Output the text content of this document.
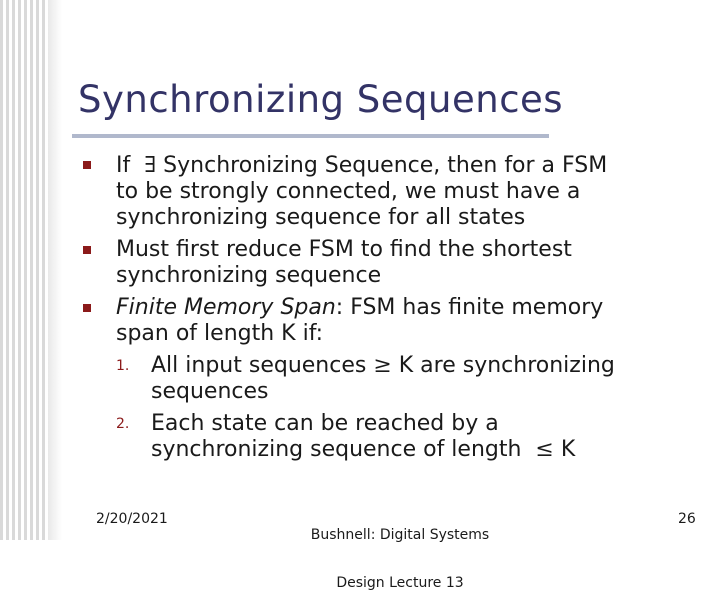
Synchronizing Sequences
If  ∃ Synchronizing Sequence, then for a FSM
to be strongly connected, we must have a
synchronizing sequence for all states
Must first reduce FSM to find the shortest
synchronizing sequence
Finite Memory Span: FSM has finite memory
span of length K if:
1. All input sequences ≥ K are synchronizing
sequences
2. Each state can be reached by a
synchronizing sequence of length  ≤ K
2/20/2021

Bushnell: Digital Systems

Design Lecture 13

26
